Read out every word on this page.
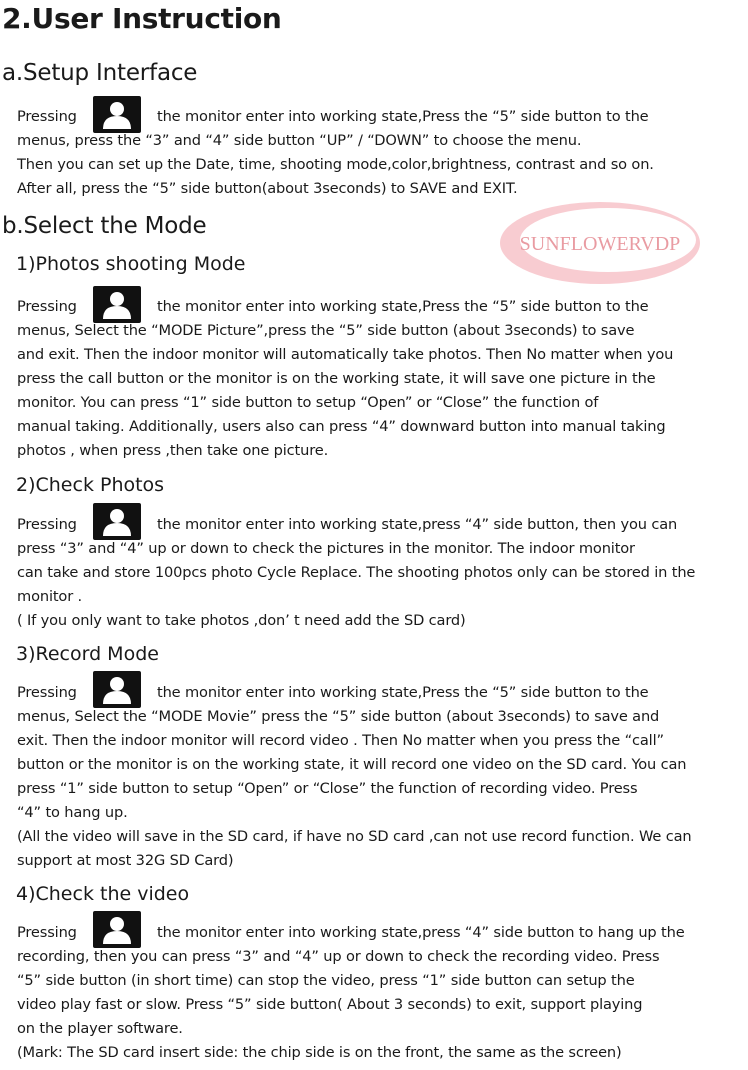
2.User Instruction
SUNFLOWERVDP
a.Setup Interface
Pressing	the monitor enter into working state,Press the “5” side button to the
menus, press the “3” and “4” side button “UP” / “DOWN” to choose the menu.
Then you can set up the Date, time, shooting mode,color,brightness, contrast and so on.
After all, press the “5” side button(about 3seconds) to SAVE and EXIT.
b.Select the Mode
1)Photos shooting Mode
Pressing	the monitor enter into working state,Press the “5” side button to the
menus, Select the “MODE Picture”,press the “5” side button (about 3seconds) to save
and exit. Then the indoor monitor will automatically take photos. Then No matter when you
press the call button or the monitor is on the working state, it will save one picture in the
monitor. You can press “1” side button to setup “Open” or “Close” the function of
manual taking. Additionally, users also can press “4” downward button into manual taking
photos , when press ,then take one picture.
2)Check Photos
Pressing	the monitor enter into working state,press “4” side button, then you can
press “3” and “4” up or down to check the pictures in the monitor. The indoor monitor
can take and store 100pcs photo Cycle Replace. The shooting photos only can be stored in the
monitor .
( If you only want to take photos ,don’ t need add the SD card)
3)Record Mode
Pressing	the monitor enter into working state,Press the “5” side button to the
menus, Select the “MODE Movie” press the “5” side button (about 3seconds) to save and
exit. Then the indoor monitor will record video . Then No matter when you press the “call”
button or the monitor is on the working state, it will record one video on the SD card. You can
press “1” side button to setup “Open” or “Close” the function of recording video. Press
“4” to hang up.
(All the video will save in the SD card, if have no SD card ,can not use record function. We can
support at most 32G SD Card)
4)Check the video
Pressing	the monitor enter into working state,press “4” side button to hang up the
recording, then you can press “3” and “4” up or down to check the recording video. Press
“5” side button (in short time) can stop the video, press “1” side button can setup the
video play fast or slow. Press “5” side button( About 3 seconds) to exit, support playing
on the player software.
(Mark: The SD card insert side: the chip side is on the front, the same as the screen)
